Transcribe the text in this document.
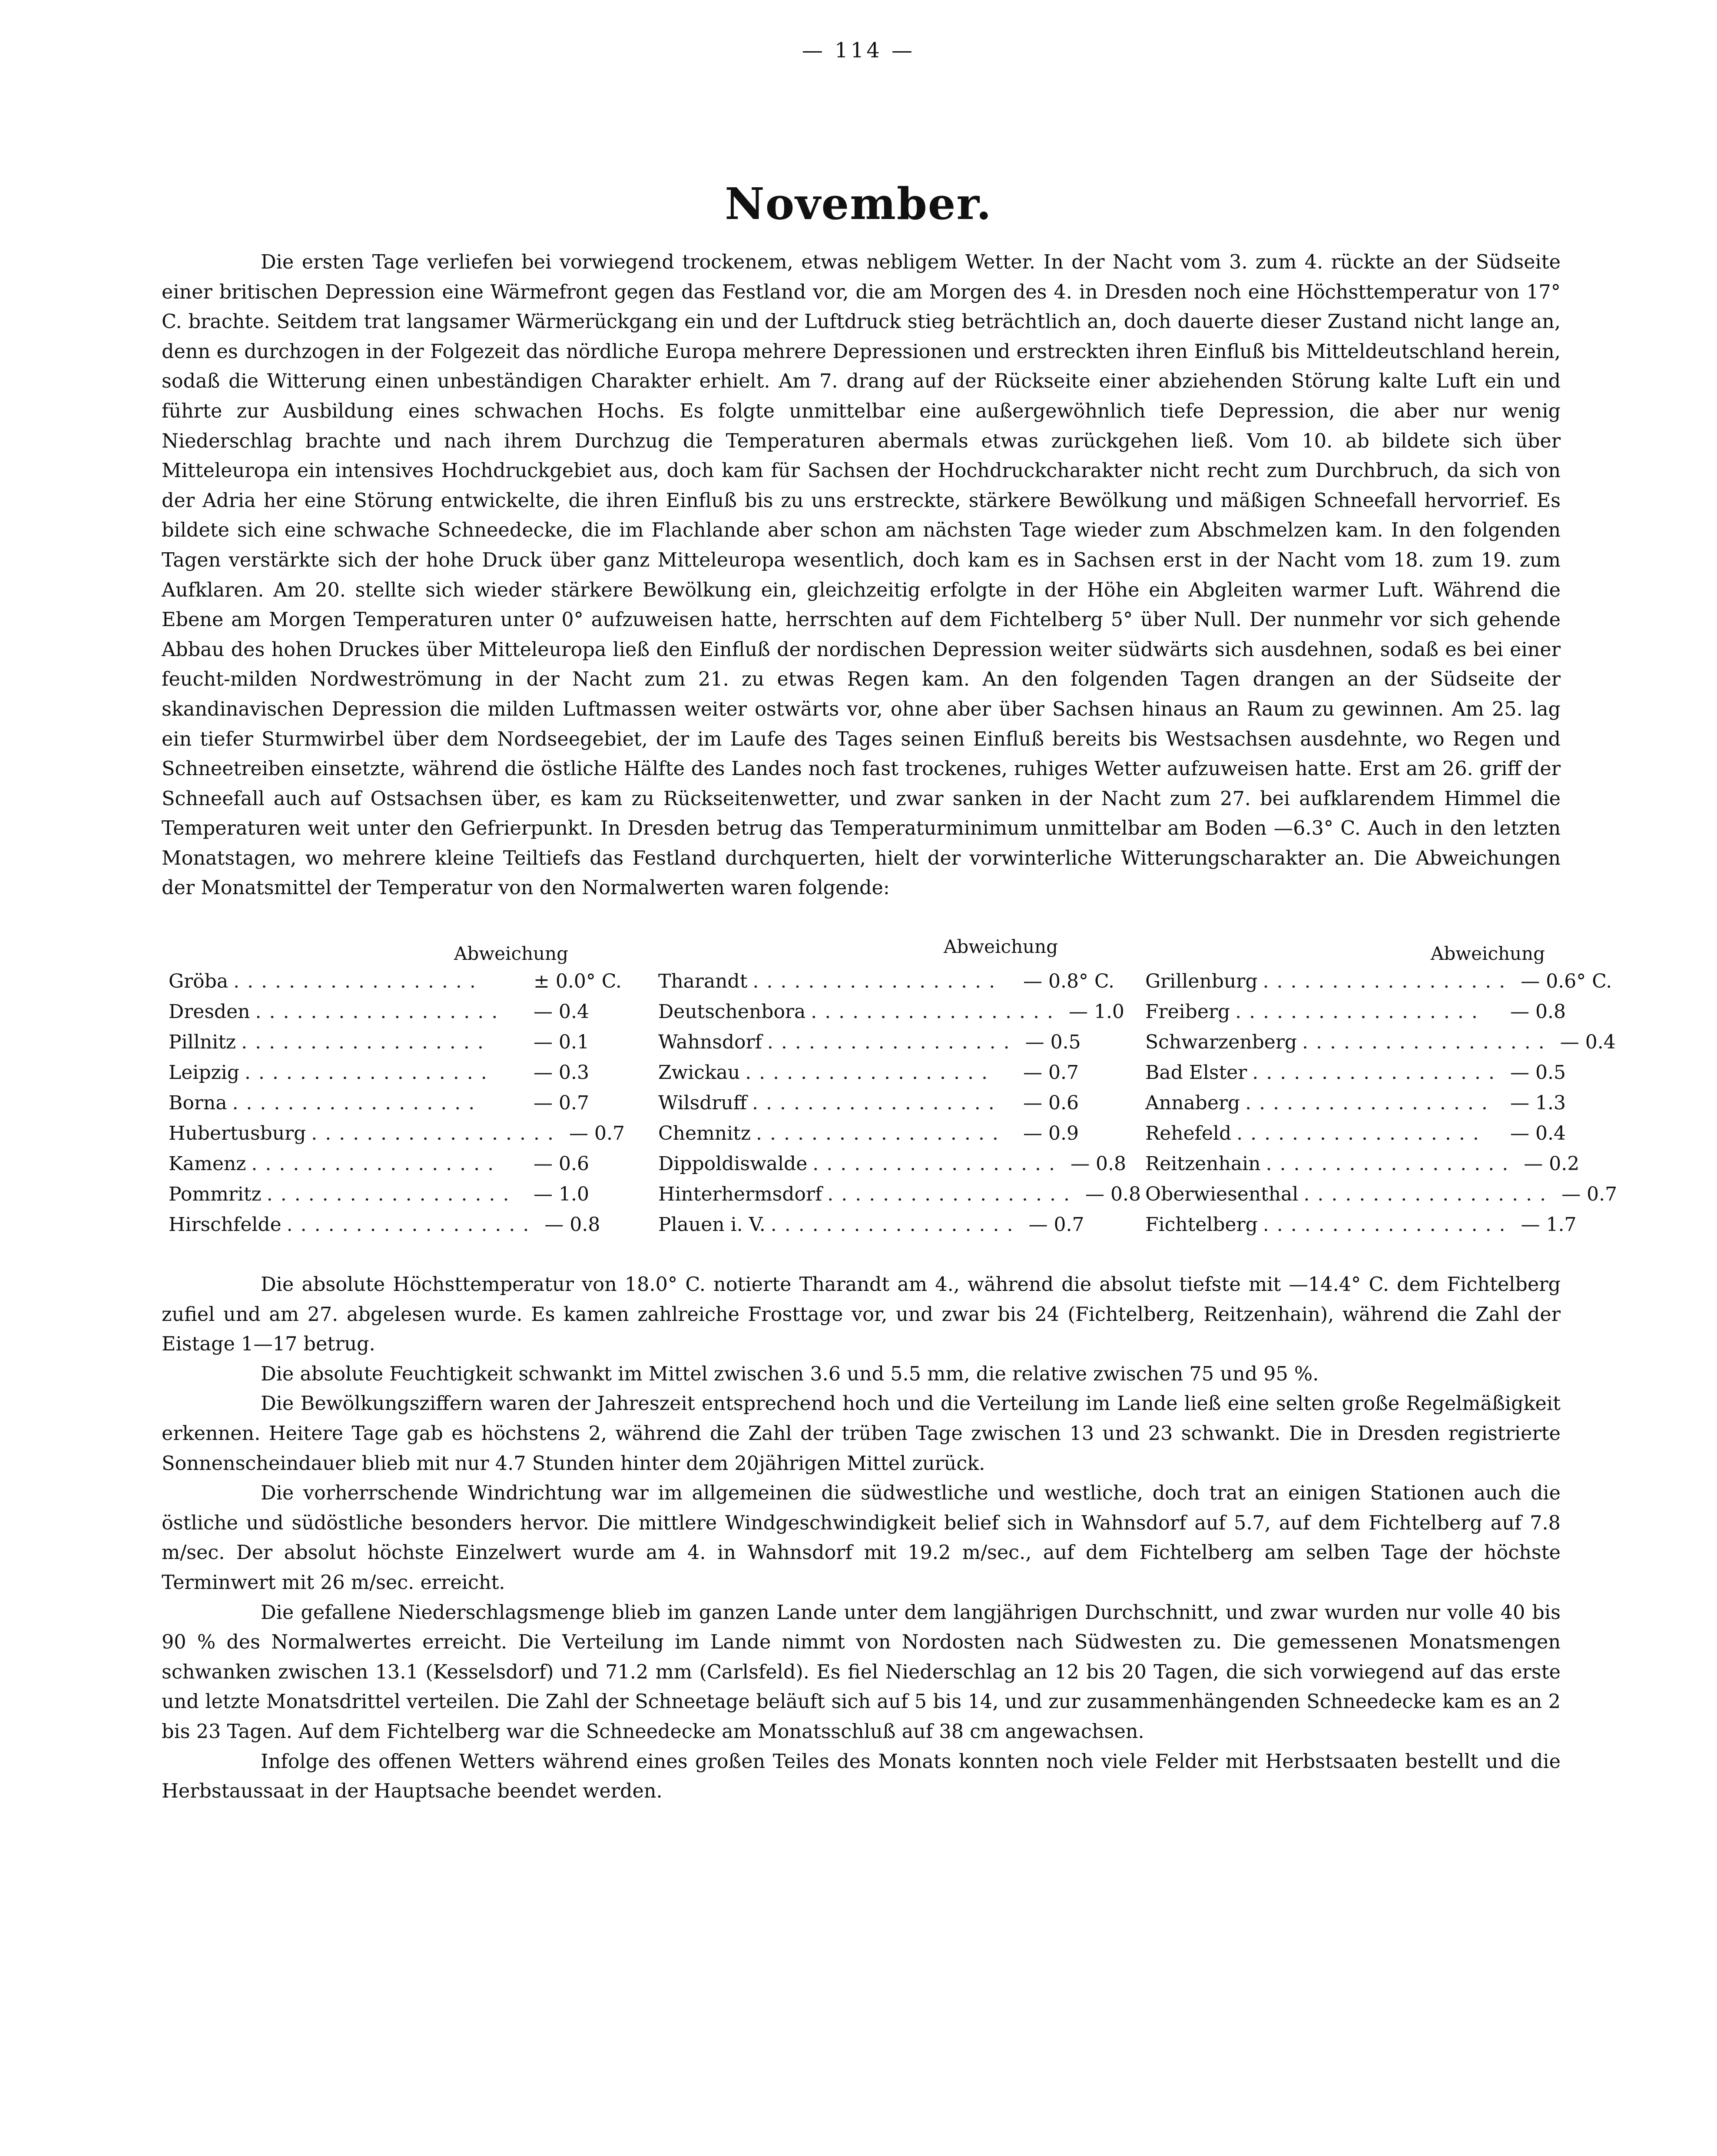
— 114 —
November.

Die ersten Tage verliefen bei vorwiegend trockenem, etwas nebligem Wetter. In der Nacht vom 3. zum 4. rückte an der Südseite einer britischen Depression eine Wärmefront gegen das Festland vor, die am Morgen des 4. in Dresden noch eine Höchsttemperatur von 17° C. brachte. Seitdem trat langsamer Wärmerückgang ein und der Luftdruck stieg beträchtlich an, doch dauerte dieser Zustand nicht lange an, denn es durchzogen in der Folgezeit das nördliche Europa mehrere Depressionen und erstreckten ihren Einfluß bis Mitteldeutschland herein, sodaß die Witterung einen unbeständigen Charakter erhielt. Am 7. drang auf der Rückseite einer abziehenden Störung kalte Luft ein und führte zur Ausbildung eines schwachen Hochs. Es folgte unmittelbar eine außergewöhnlich tiefe Depression, die aber nur wenig Niederschlag brachte und nach ihrem Durchzug die Temperaturen abermals etwas zurückgehen ließ. Vom 10. ab bildete sich über Mitteleuropa ein intensives Hochdruckgebiet aus, doch kam für Sachsen der Hochdruckcharakter nicht recht zum Durchbruch, da sich von der Adria her eine Störung entwickelte, die ihren Einfluß bis zu uns erstreckte, stärkere Bewölkung und mäßigen Schneefall hervorrief. Es bildete sich eine schwache Schneedecke, die im Flachlande aber schon am nächsten Tage wieder zum Abschmelzen kam. In den folgenden Tagen verstärkte sich der hohe Druck über ganz Mitteleuropa wesentlich, doch kam es in Sachsen erst in der Nacht vom 18. zum 19. zum Aufklaren. Am 20. stellte sich wieder stärkere Bewölkung ein, gleichzeitig erfolgte in der Höhe ein Abgleiten warmer Luft. Während die Ebene am Morgen Temperaturen unter 0° aufzuweisen hatte, herrschten auf dem Fichtelberg 5° über Null. Der nunmehr vor sich gehende Abbau des hohen Druckes über Mitteleuropa ließ den Einfluß der nordischen Depression weiter südwärts sich ausdehnen, sodaß es bei einer feucht-milden Nordweströmung in der Nacht zum 21. zu etwas Regen kam. An den folgenden Tagen drangen an der Südseite der skandinavischen Depression die milden Luftmassen weiter ostwärts vor, ohne aber über Sachsen hinaus an Raum zu gewinnen. Am 25. lag ein tiefer Sturmwirbel über dem Nordseegebiet, der im Laufe des Tages seinen Einfluß bereits bis Westsachsen ausdehnte, wo Regen und Schneetreiben einsetzte, während die östliche Hälfte des Landes noch fast trockenes, ruhiges Wetter aufzuweisen hatte. Erst am 26. griff der Schneefall auch auf Ostsachsen über, es kam zu Rückseitenwetter, und zwar sanken in der Nacht zum 27. bei aufklarendem Himmel die Temperaturen weit unter den Gefrierpunkt. In Dresden betrug das Temperaturminimum unmittelbar am Boden —6.3° C. Auch in den letzten Monatstagen, wo mehrere kleine Teiltiefs das Festland durchquerten, hielt der vorwinterliche Witterungscharakter an. Die Abweichungen der Monatsmittel der Temperatur von den Normalwerten waren folgende:

Abweichung
Gröba ..................	± 0.0° C.
Dresden ..................	— 0.4
Pillnitz ..................	— 0.1
Leipzig ..................	— 0.3
Borna ..................	— 0.7
Hubertusburg .................. — 0.7
Kamenz ..................	— 0.6
Pommritz .................. — 1.0
Hirschfelde .................. — 0.8
Abweichung
Tharandt ..................	— 0.8° C.
Deutschenbora .................. — 1.0
Wahnsdorf .................. — 0.5
Zwickau ..................	— 0.7
Wilsdruff ..................	— 0.6
Chemnitz .................. — 0.9
Dippoldiswalde .................. — 0.8
Hinterhermsdorf .................. — 0.8
Plauen i. V. .................. — 0.7
Abweichung
Grillenburg .................. — 0.6° C.
Freiberg ..................	— 0.8
Schwarzenberg .................. — 0.4
Bad Elster .................. — 0.5
Annaberg .................. — 1.3
Rehefeld ..................	— 0.4
Reitzenhain .................. — 0.2
Oberwiesenthal .................. — 0.7
Fichtelberg .................. — 1.7

Die absolute Höchsttemperatur von 18.0° C. notierte Tharandt am 4., während die absolut tiefste mit —14.4° C. dem Fichtelberg zufiel und am 27. abgelesen wurde. Es kamen zahlreiche Frosttage vor, und zwar bis 24 (Fichtelberg, Reitzenhain), während die Zahl der Eistage 1—17 betrug.

Die absolute Feuchtigkeit schwankt im Mittel zwischen 3.6 und 5.5 mm, die relative zwischen 75 und 95 %.

Die Bewölkungsziffern waren der Jahreszeit entsprechend hoch und die Verteilung im Lande ließ eine selten große Regelmäßigkeit erkennen. Heitere Tage gab es höchstens 2, während die Zahl der trüben Tage zwischen 13 und 23 schwankt. Die in Dresden registrierte Sonnenscheindauer blieb mit nur 4.7 Stunden hinter dem 20jährigen Mittel zurück.

Die vorherrschende Windrichtung war im allgemeinen die südwestliche und westliche, doch trat an einigen Stationen auch die östliche und südöstliche besonders hervor. Die mittlere Windgeschwindigkeit belief sich in Wahnsdorf auf 5.7, auf dem Fichtelberg auf 7.8 m/sec. Der absolut höchste Einzelwert wurde am 4. in Wahnsdorf mit 19.2 m/sec., auf dem Fichtelberg am selben Tage der höchste Terminwert mit 26 m/sec. erreicht.

Die gefallene Niederschlagsmenge blieb im ganzen Lande unter dem langjährigen Durchschnitt, und zwar wurden nur volle 40 bis 90 % des Normalwertes erreicht. Die Verteilung im Lande nimmt von Nordosten nach Südwesten zu. Die gemessenen Monatsmengen schwanken zwischen 13.1 (Kesselsdorf) und 71.2 mm (Carlsfeld). Es fiel Niederschlag an 12 bis 20 Tagen, die sich vorwiegend auf das erste und letzte Monatsdrittel verteilen. Die Zahl der Schneetage beläuft sich auf 5 bis 14, und zur zusammenhängenden Schneedecke kam es an 2 bis 23 Tagen. Auf dem Fichtelberg war die Schneedecke am Monatsschluß auf 38 cm angewachsen.

Infolge des offenen Wetters während eines großen Teiles des Monats konnten noch viele Felder mit Herbstsaaten bestellt und die Herbstaussaat in der Hauptsache beendet werden.
